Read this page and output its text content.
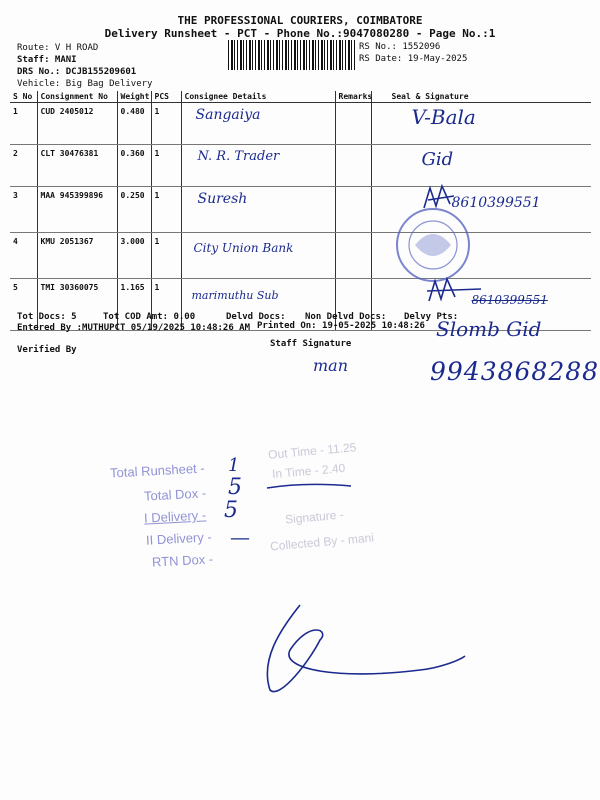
THE PROFESSIONAL COURIERS, COIMBATORE
Delivery Runsheet - PCT - Phone No.:9047080280 - Page No.:1
Route: V H ROAD
Staff: MANI
DRS No.: DCJB155209601
Vehicle: Big Bag Delivery
RS No.: 1552096
RS Date: 19-May-2025
S No	Consignment No	Weight	PCS	Consignee Details	Remarks	Seal & Signature
1	CUD 2405012	0.480	1	Sangaiya		V-Bala
2	CLT 30476381	0.360	1	N. R. Trader		Gid
3	MAA 945399896	0.250	1	Suresh		8610399551
4	KMU 2051367	3.000	1	City Union Bank		
5	TMI 30360075	1.165	1	marimuthu Sub		8610399551
Tot Docs: 5	Tot COD Amt: 0.00	Delvd Docs: Non Delvd Docs: Delvy Pts:
Entered By :MUTHUPCT 05/19/2025 10:48:26 AM Printed On: 19-05-2025 10:48:26
Verified By
Staff Signature
Slomb Gid
9943868288
man
Total Runsheet - 1
Total Dox - 5
I Delivery - 5
II Delivery - —
RTN Dox -
Out Time - 11.25
In Time - 2.40
Signature -
Collected By - mani
